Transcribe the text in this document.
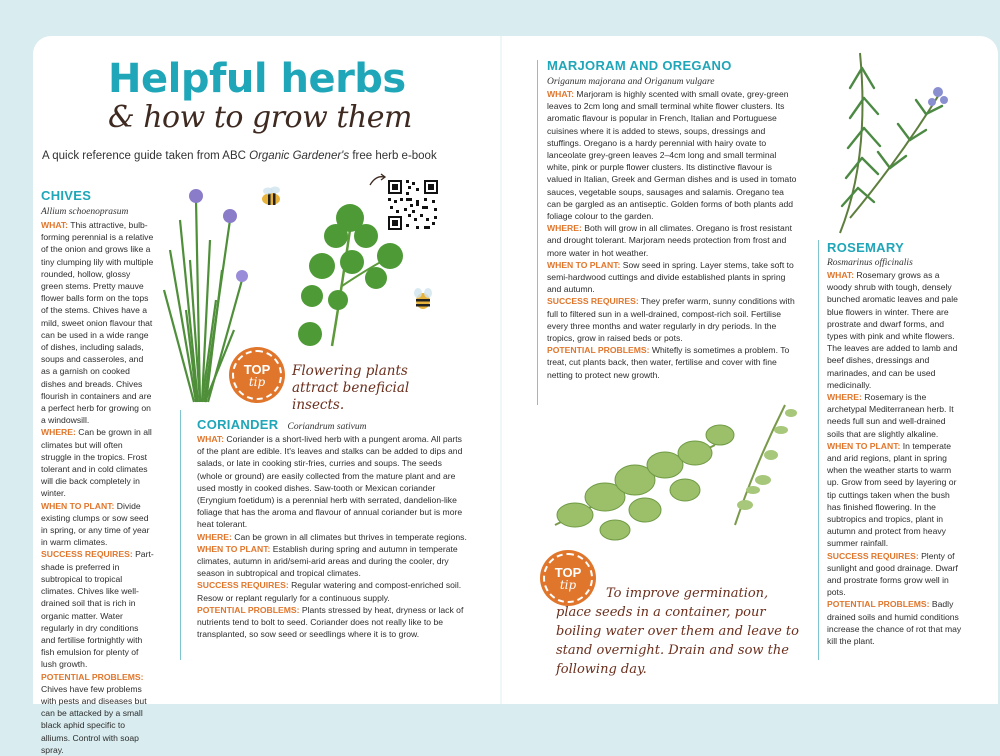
Helpful herbs
& how to grow them
A quick reference guide taken from ABC Organic Gardener's free herb e-book
TOP
tip
Flowering plants attract beneficial insects.
CHIVES
Allium schoenoprasum
WHAT: This attractive, bulb-forming perennial is a relative of the onion and grows like a tiny clumping lily with multiple rounded, hollow, glossy green stems. Pretty mauve flower balls form on the tops of the stems. Chives have a mild, sweet onion flavour that can be used in a wide range of dishes, including salads, soups and casseroles, and as a garnish on cooked dishes and breads. Chives flourish in containers and are a perfect herb for growing on a windowsill.
WHERE: Can be grown in all climates but will often struggle in the tropics. Frost tolerant and in cold climates will die back completely in winter.
WHEN TO PLANT: Divide existing clumps or sow seed in spring, or any time of year in warm climates.
SUCCESS REQUIRES: Part-shade is preferred in subtropical to tropical climates. Chives like well-drained soil that is rich in organic matter. Water regularly in dry conditions and fertilise fortnightly with fish emulsion for plenty of lush growth.
POTENTIAL PROBLEMS: Chives have few problems with pests and diseases but can be attacked by a small black aphid specific to alliums. Control with soap spray.
CORIANDER Coriandrum sativum
WHAT: Coriander is a short-lived herb with a pungent aroma. All parts of the plant are edible. It's leaves and stalks can be added to dips and salads, or late in cooking stir-fries, curries and soups. The seeds (whole or ground) are easily collected from the mature plant and are used mostly in cooked dishes. Saw-tooth or Mexican coriander (Eryngium foetidum) is a perennial herb with serrated, dandelion-like foliage that has the aroma and flavour of annual coriander but is more heat tolerant.
WHERE: Can be grown in all climates but thrives in temperate regions.
WHEN TO PLANT: Establish during spring and autumn in temperate climates, autumn in arid/semi-arid areas and during the cooler, dry season in subtropical and tropical climates.
SUCCESS REQUIRES: Regular watering and compost-enriched soil. Resow or replant regularly for a continuous supply.
POTENTIAL PROBLEMS: Plants stressed by heat, dryness or lack of nutrients tend to bolt to seed. Coriander does not really like to be transplanted, so sow seed or seedlings where it is to grow.
MARJORAM AND OREGANO
Origanum majorana and Origanum vulgare
WHAT: Marjoram is highly scented with small ovate, grey-green leaves to 2cm long and small terminal white flower clusters. Its aromatic flavour is popular in French, Italian and Portuguese cuisines where it is added to stews, soups, dressings and stuffings. Oregano is a hardy perennial with hairy ovate to lanceolate grey-green leaves 2–4cm long and small terminal white, pink or purple flower clusters. Its distinctive flavour is valued in Italian, Greek and German dishes and is used in tomato sauces, vegetable soups, sausages and salamis. Oregano tea can be gargled as an antiseptic. Golden forms of both plants add foliage colour to the garden.
WHERE: Both will grow in all climates. Oregano is frost resistant and drought tolerant. Marjoram needs protection from frost and more water in hot weather.
WHEN TO PLANT: Sow seed in spring. Layer stems, take soft to semi-hardwood cuttings and divide established plants in spring and autumn.
SUCCESS REQUIRES: They prefer warm, sunny conditions with full to filtered sun in a well-drained, compost-rich soil. Fertilise every three months and water regularly in dry periods. In the tropics, grow in raised beds or pots.
POTENTIAL PROBLEMS: Whitefly is sometimes a problem. To treat, cut plants back, then water, fertilise and cover with fine netting to protect new growth.
TOP
tip
To improve germination, place seeds in a container, pour boiling water over them and leave to stand overnight. Drain and sow the following day.
ROSEMARY
Rosmarinus officinalis
WHAT: Rosemary grows as a woody shrub with tough, densely bunched aromatic leaves and pale blue flowers in winter. There are prostrate and dwarf forms, and types with pink and white flowers. The leaves are added to lamb and beef dishes, dressings and marinades, and can be used medicinally.
WHERE: Rosemary is the archetypal Mediterranean herb. It needs full sun and well-drained soils that are slightly alkaline.
WHEN TO PLANT: In temperate and arid regions, plant in spring when the weather starts to warm up. Grow from seed by layering or tip cuttings taken when the bush has finished flowering. In the subtropics and tropics, plant in autumn and protect from heavy summer rainfall.
SUCCESS REQUIRES: Plenty of sunlight and good drainage. Dwarf and prostrate forms grow well in pots.
POTENTIAL PROBLEMS: Badly drained soils and humid conditions increase the chance of rot that may kill the plant.
